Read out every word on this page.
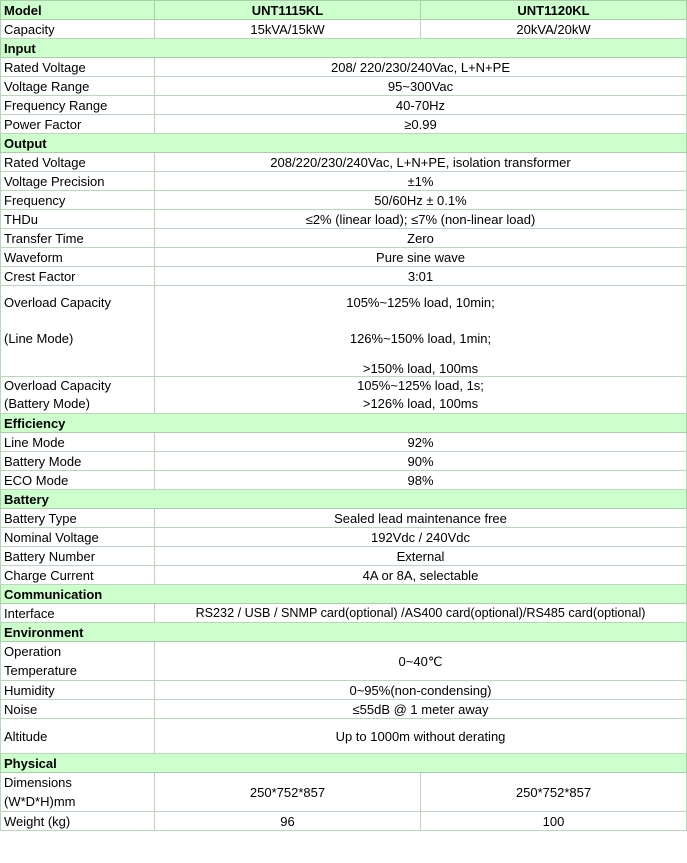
Model	UNT1115KL	UNT1120KL
Capacity	15kVA/15kW	20kVA/20kW
Input		
Rated Voltage	208/ 220/230/240Vac, L+N+PE	
Voltage Range	95~300Vac	
Frequency Range	40-70Hz	
Power Factor	≥0.99	
Output		
Rated Voltage	208/220/230/240Vac, L+N+PE, isolation transformer	
Voltage Precision	±1%	
Frequency	50/60Hz ± 0.1%	
THDu	≤2% (linear load); ≤7% (non-linear load)	
Transfer Time	Zero	
Waveform	Pure sine wave	
Crest Factor	3:01	

Overload Capacity
(Line Mode)	105%~125% load, 10min;
126%~150% load, 1min;
>150% load, 100ms	

Overload Capacity
(Battery Mode)	105%~125% load, 1s;
>126% load, 100ms	

Efficiency		
Line Mode	92%	
Battery Mode	90%	
ECO Mode	98%	
Battery		
Battery Type	Sealed lead maintenance free	
Nominal Voltage	192Vdc / 240Vdc	
Battery Number	External	
Charge Current	4A or 8A, selectable	
Communication		
Interface	RS232 / USB / SNMP card(optional) /AS400 card(optional)/RS485 card(optional)	
Environment		

Operation
Temperature	0~40℃	
Humidity	0~95%(non-condensing)	
Noise	≤55dB @ 1 meter away	
Altitude	Up to 1000m without derating	
Physical		

Dimensions
(W*D*H)mm	250*752*857	250*752*857
Weight (kg)	96	100
